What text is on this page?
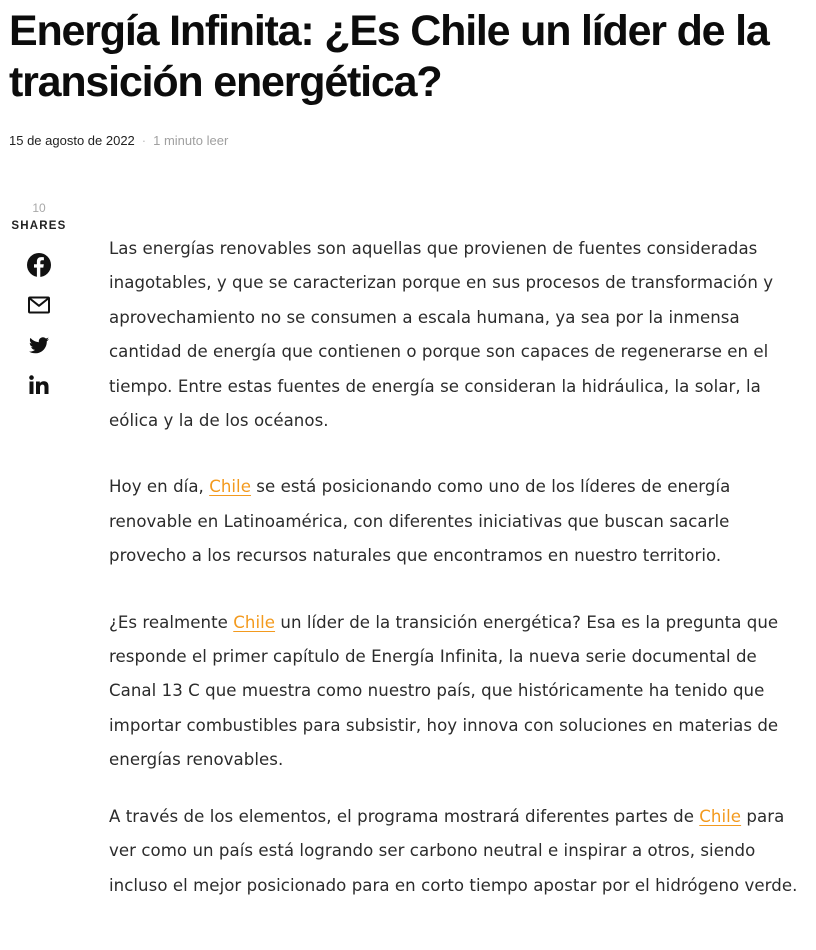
Energía Infinita: ¿Es Chile un líder de la transición energética?
15 de agosto de 2022 · 1 minuto leer
10
SHARES

Las energías renovables son aquellas que provienen de fuentes consideradas inagotables, y que se caracterizan porque en sus procesos de transformación y aprovechamiento no se consumen a escala humana, ya sea por la inmensa cantidad de energía que contienen o porque son capaces de regenerarse en el tiempo. Entre estas fuentes de energía se consideran la hidráulica, la solar, la eólica y la de los océanos.

Hoy en día, Chile se está posicionando como uno de los líderes de energía renovable en Latinoamérica, con diferentes iniciativas que buscan sacarle provecho a los recursos naturales que encontramos en nuestro territorio.

¿Es realmente Chile un líder de la transición energética? Esa es la pregunta que responde el primer capítulo de Energía Infinita, la nueva serie documental de Canal 13 C que muestra como nuestro país, que históricamente ha tenido que importar combustibles para subsistir, hoy innova con soluciones en materias de energías renovables.

A través de los elementos, el programa mostrará diferentes partes de Chile para ver como un país está logrando ser carbono neutral e inspirar a otros, siendo incluso el mejor posicionado para en corto tiempo apostar por el hidrógeno verde.
